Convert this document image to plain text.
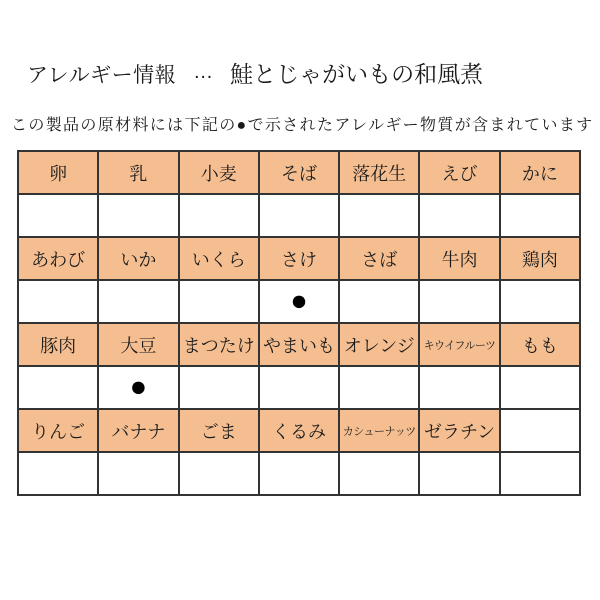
アレルギー情報 … 鮭とじゃがいもの和風煮
この製品の原材料には下記の●で示されたアレルギー物質が含まれています
卵	乳	小麦	そば	落花生	えび	かに

あわび	いか	いくら	さけ	さば	牛肉	鶏肉
			●			
豚肉	大豆	まつたけ	やまいも	オレンジ	キウイフルーツ	もも
	●					
りんご	バナナ	ごま	くるみ	カシューナッツ	ゼラチン	
